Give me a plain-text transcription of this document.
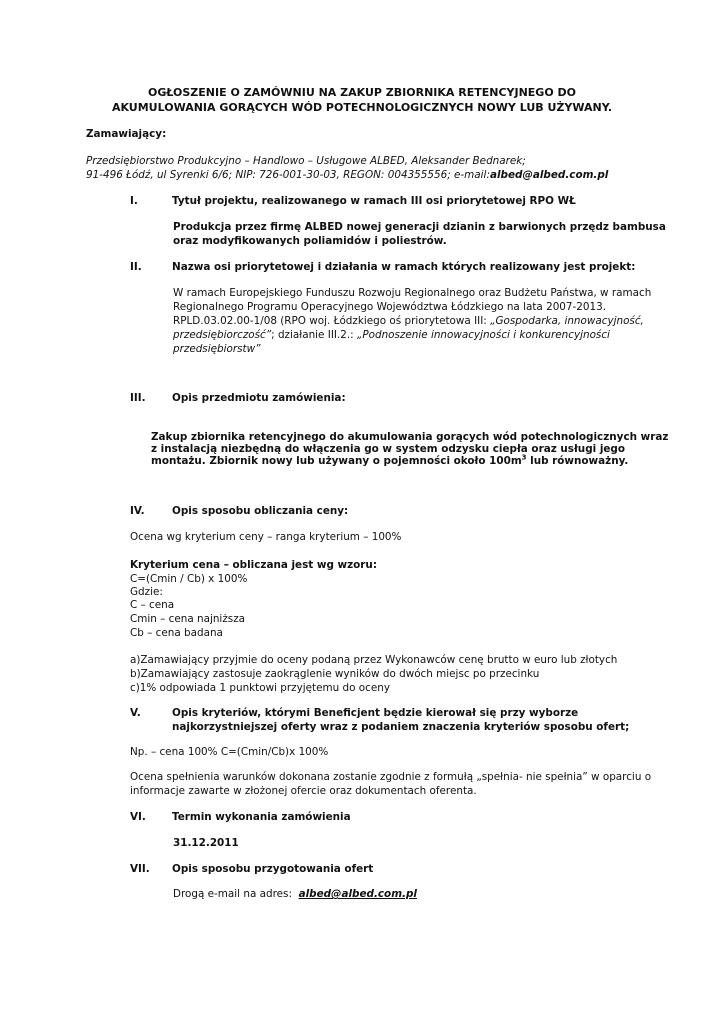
OGŁOSZENIE O ZAMÓWNIU NA ZAKUP ZBIORNIKA RETENCYJNEGO DO
AKUMULOWANIA GORĄCYCH WÓD POTECHNOLOGICZNYCH NOWY LUB UŻYWANY.
Zamawiający:
Przedsiębiorstwo Produkcyjno – Handlowo – Usługowe ALBED, Aleksander Bednarek;
91-496 Łódź, ul Syrenki 6/6; NIP: 726-001-30-03, REGON: 004355556; e-mail:albed@albed.com.pl
I.	Tytuł projektu, realizowanego w ramach III osi priorytetowej RPO WŁ
Produkcja przez firmę ALBED nowej generacji dzianin z barwionych przędz bambusa
oraz modyfikowanych poliamidów i poliestrów.
II.	Nazwa osi priorytetowej i działania w ramach których realizowany jest projekt:
W ramach Europejskiego Funduszu Rozwoju Regionalnego oraz Budżetu Państwa, w ramach
Regionalnego Programu Operacyjnego Województwa Łódzkiego na lata 2007-2013.
RPLD.03.02.00-1/08 (RPO woj. Łódzkiego oś priorytetowa III: „Gospodarka, innowacyjność,
przedsiębiorczość”; działanie III.2.: „Podnoszenie innowacyjności i konkurencyjności
przedsiębiorstw”
III.	Opis przedmiotu zamówienia:
Zakup zbiornika retencyjnego do akumulowania gorących wód potechnologicznych wraz
z instalacją niezbędną do włączenia go w system odzysku ciepła oraz usługi jego
montażu. Zbiornik nowy lub używany o pojemności około $100m^3$ lub równoważny.
IV.	Opis sposobu obliczania ceny:
Ocena wg kryterium ceny – ranga kryterium – 100%
Kryterium cena – obliczana jest wg wzoru:
C=(Cmin / Cb) x 100%
Gdzie:
C – cena
Cmin – cena najniższa
Cb – cena badana
a)Zamawiający przyjmie do oceny podaną przez Wykonawców cenę brutto w euro lub złotych
b)Zamawiający zastosuje zaokrąglenie wyników do dwóch miejsc po przecinku
c)1% odpowiada 1 punktowi przyjętemu do oceny
V.	Opis kryteriów, którymi Beneficjent będzie kierował się przy wyborze
najkorzystniejszej oferty wraz z podaniem znaczenia kryteriów sposobu ofert;
Np. – cena 100% C=(Cmin/Cb)x 100%
Ocena spełnienia warunków dokonana zostanie zgodnie z formułą „spełnia- nie spełnia” w oparciu o
informacje zawarte w złożonej ofercie oraz dokumentach oferenta.
VI.	Termin wykonania zamówienia
31.12.2011
VII. Opis sposobu przygotowania ofert
Drogą e-mail na adres:  albed@albed.com.pl
